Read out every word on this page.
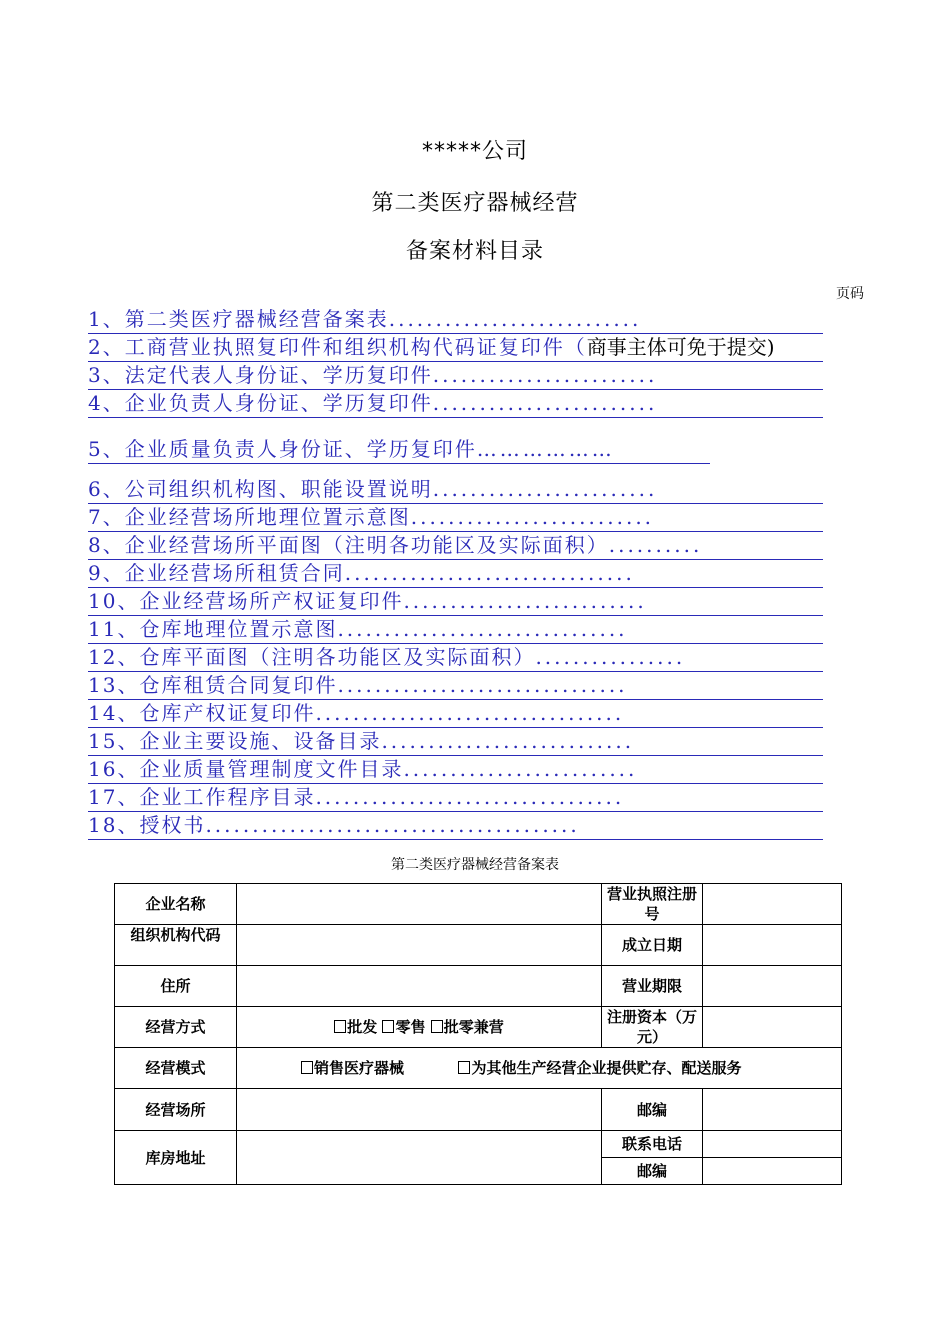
*****公司
第二类医疗器械经营
备案材料目录
页码
1、第二类医疗器械经营备案表...........................
2、工商营业执照复印件和组织机构代码证复印件（商事主体可免于提交)
3、法定代表人身份证、学历复印件........................
4、企业负责人身份证、学历复印件........................
5、企业质量负责人身份证、学历复印件………………
6、公司组织机构图、职能设置说明........................
7、企业经营场所地理位置示意图..........................
8、企业经营场所平面图（注明各功能区及实际面积）..........
9、企业经营场所租赁合同...............................
10、企业经营场所产权证复印件..........................
11、仓库地理位置示意图...............................
12、仓库平面图（注明各功能区及实际面积）................
13、仓库租赁合同复印件...............................
14、仓库产权证复印件.................................
15、企业主要设施、设备目录...........................
16、企业质量管理制度文件目录.........................
17、企业工作程序目录.................................
18、授权书........................................
第二类医疗器械经营备案表
企业名称		营业执照注册号	

组织机构代码		成立日期	
住所		营业期限	
经营方式	批发 零售 批零兼营	注册资本（万元）	

经营模式	销售医疗器械 为其他生产经营企业提供贮存、配送服务		
经营场所		邮编	
库房地址		联系电话	
		邮编	
